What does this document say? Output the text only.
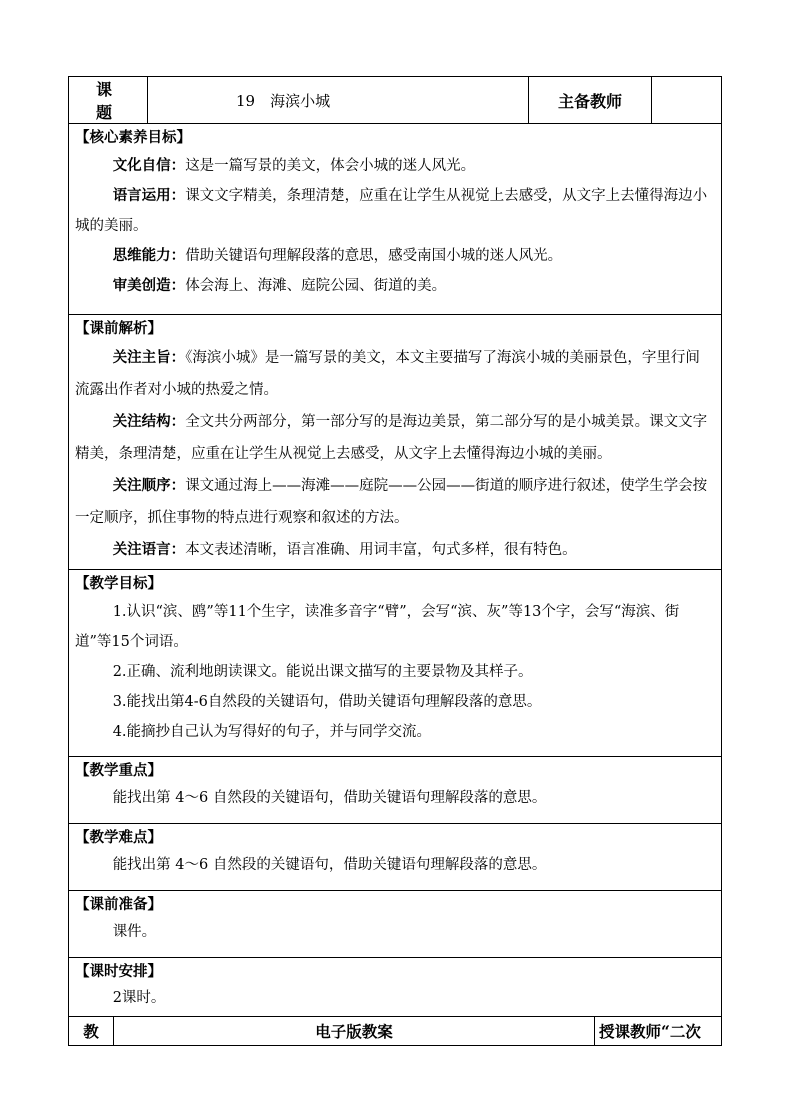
课 题	19　海滨小城	主备教师	
【核心素养目标】

文化自信：这是一篇写景的美文，体会小城的迷人风光。

语言运用：课文文字精美，条理清楚，应重在让学生从视觉上去感受，从文字上去懂得海边小城的美丽。

思维能力：借助关键语句理解段落的意思，感受南国小城的迷人风光。

审美创造：体会海上、海滩、庭院公园、街道的美。

【课前解析】

关注主旨：《海滨小城》是一篇写景的美文，本文主要描写了海滨小城的美丽景色，字里行间流露出作者对小城的热爱之情。

关注结构：全文共分两部分，第一部分写的是海边美景，第二部分写的是小城美景。课文文字精美，条理清楚，应重在让学生从视觉上去感受，从文字上去懂得海边小城的美丽。

关注顺序：课文通过海上——海滩——庭院——公园——街道的顺序进行叙述，使学生学会按一定顺序，抓住事物的特点进行观察和叙述的方法。

关注语言：本文表述清晰，语言准确、用词丰富，句式多样，很有特色。

【教学目标】

1.认识“滨、鸥”等11个生字，读准多音字“臂”，会写“滨、灰”等13个字，会写“海滨、街道”等15个词语。

2.正确、流利地朗读课文。能说出课文描写的主要景物及其样子。

3.能找出第4-6自然段的关键语句，借助关键语句理解段落的意思。

4.能摘抄自己认为写得好的句子，并与同学交流。

【教学重点】

能找出第 4～6 自然段的关键语句，借助关键语句理解段落的意思。

【教学难点】

能找出第 4～6 自然段的关键语句，借助关键语句理解段落的意思。

【课前准备】

课件。

【课时安排】

2课时。

教	电子版教案	授课教师“二次
